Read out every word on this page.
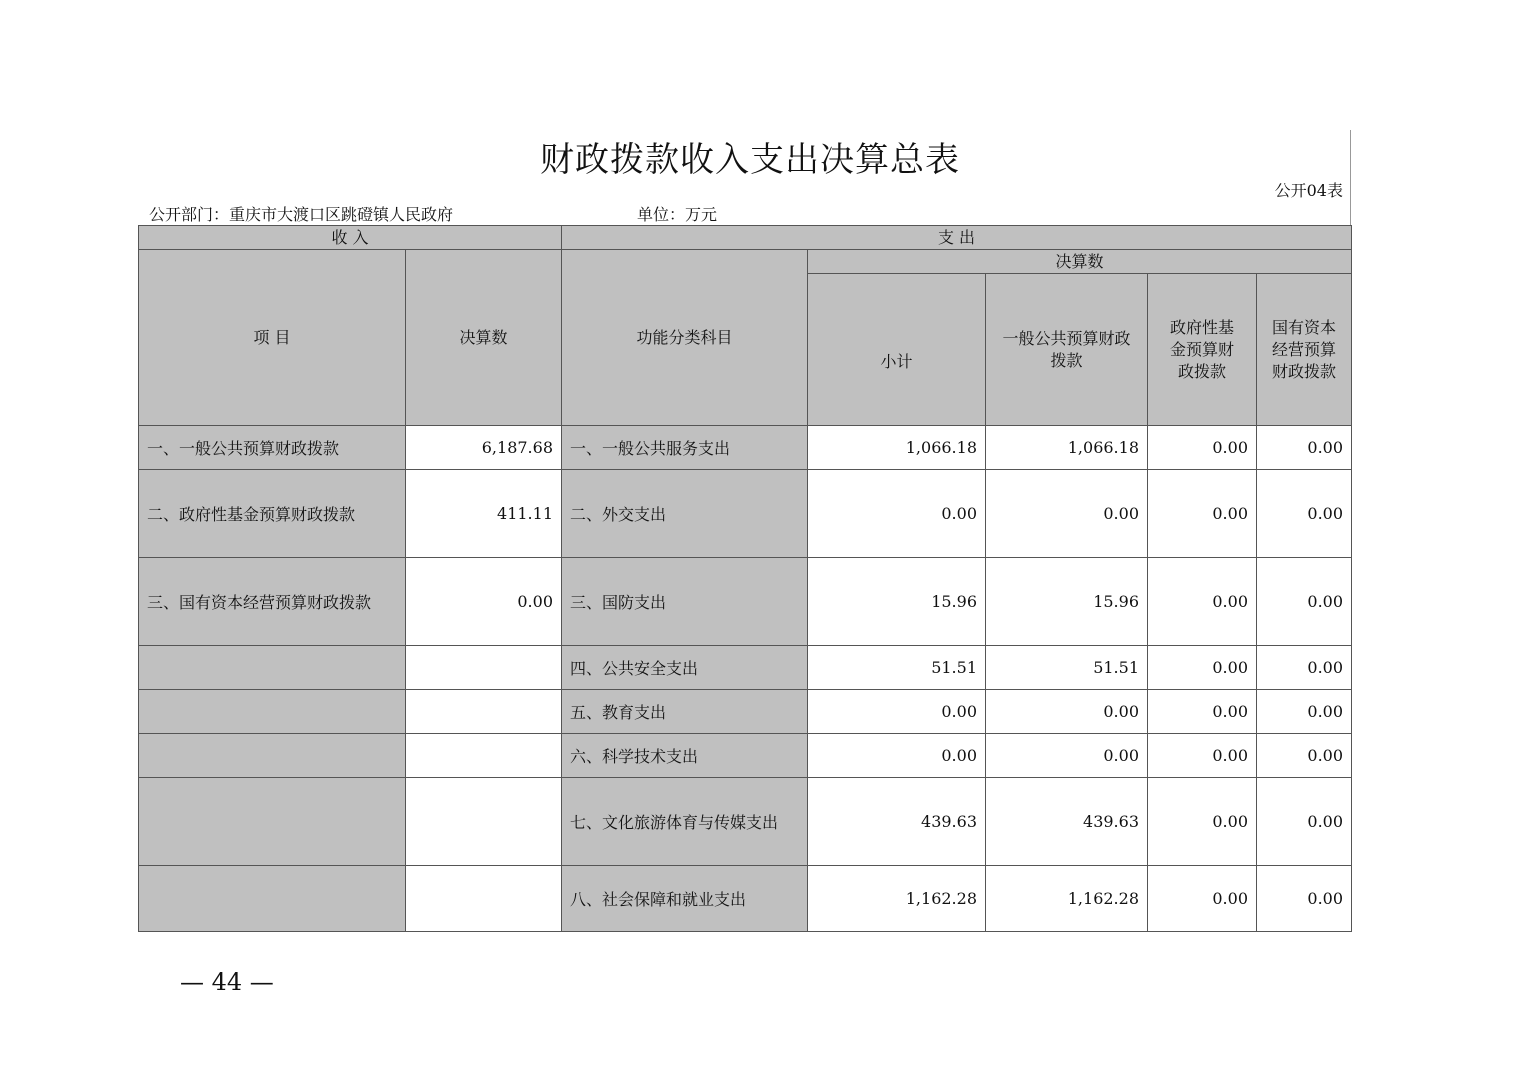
财政拨款收入支出决算总表
公开04表
公开部门：重庆市大渡口区跳磴镇人民政府	单位：万元
收 入		支 出				
项 目	决算数	功能分类科目	决算数			
			小计	一般公共预算财政拨款	政府性基金预算财政拨款	国有资本经营预算财政拨款

一、一般公共预算财政拨款	6,187.68	一、一般公共服务支出	1,066.18	1,066.18	0.00	0.00
二、政府性基金预算财政拨款	411.11	二、外交支出	0.00	0.00	0.00	0.00
三、国有资本经营预算财政拨款	0.00	三、国防支出	15.96	15.96	0.00	0.00
		四、公共安全支出	51.51	51.51	0.00	0.00
		五、教育支出	0.00	0.00	0.00	0.00
		六、科学技术支出	0.00	0.00	0.00	0.00
		七、文化旅游体育与传媒支出	439.63	439.63	0.00	0.00
		八、社会保障和就业支出	1,162.28	1,162.28	0.00	0.00
— 44 —
